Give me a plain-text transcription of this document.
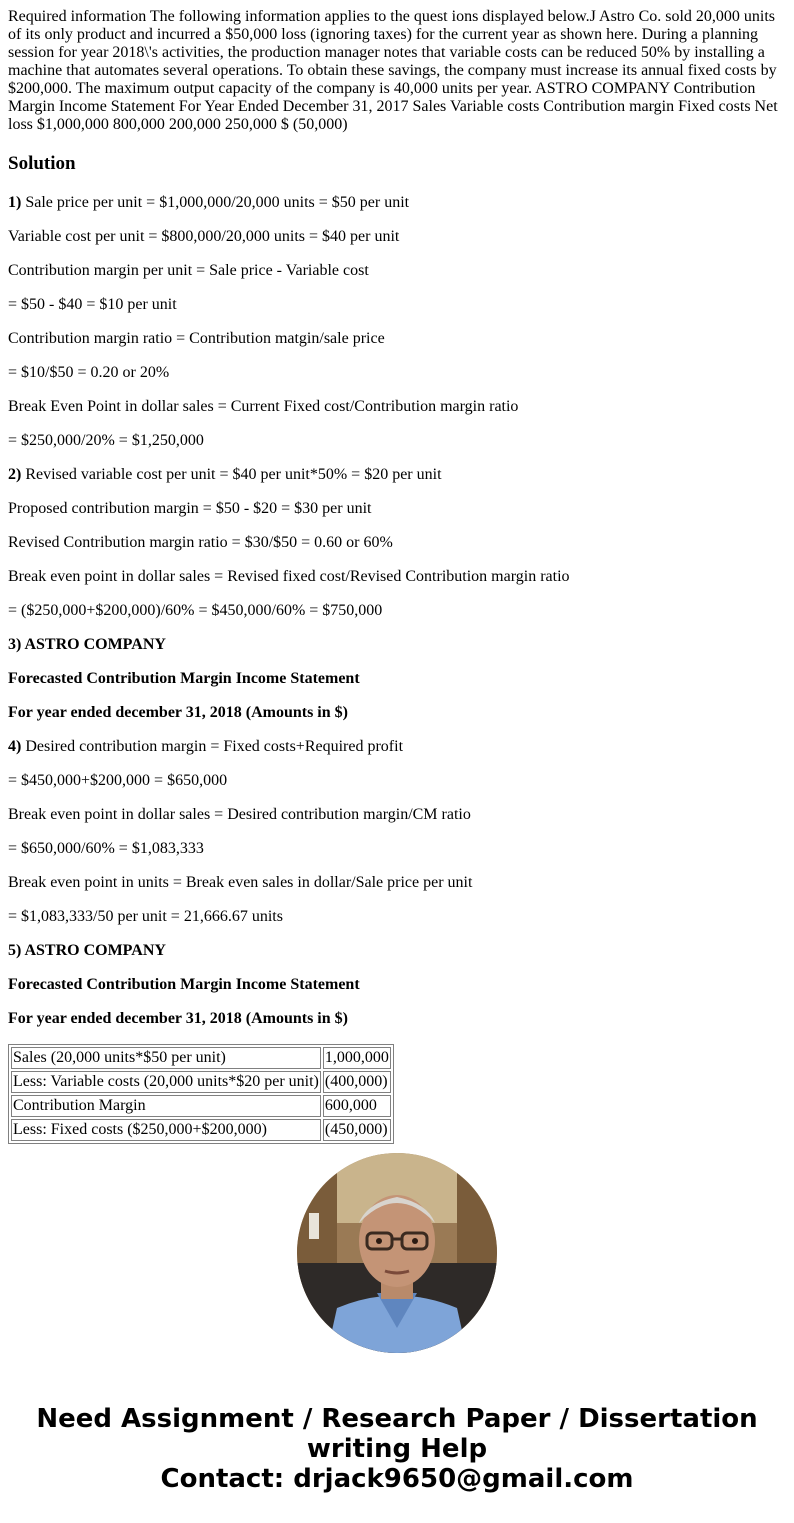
Required information The following information applies to the quest ions displayed below.J Astro Co. sold 20,000 units of its only product and incurred a $50,000 loss (ignoring taxes) for the current year as shown here. During a planning session for year 2018\'s activities, the production manager notes that variable costs can be reduced 50% by installing a machine that automates several operations. To obtain these savings, the company must increase its annual fixed costs by $200,000. The maximum output capacity of the company is 40,000 units per year. ASTRO COMPANY Contribution Margin Income Statement For Year Ended December 31, 2017 Sales Variable costs Contribution margin Fixed costs Net loss $1,000,000 800,000 200,000 250,000 $ (50,000)

Solution

1) Sale price per unit = $1,000,000/20,000 units = $50 per unit

Variable cost per unit = $800,000/20,000 units = $40 per unit

Contribution margin per unit = Sale price - Variable cost

= $50 - $40 = $10 per unit

Contribution margin ratio = Contribution matgin/sale price

= $10/$50 = 0.20 or 20%

Break Even Point in dollar sales = Current Fixed cost/Contribution margin ratio

= $250,000/20% = $1,250,000

2) Revised variable cost per unit = $40 per unit*50% = $20 per unit

Proposed contribution margin = $50 - $20 = $30 per unit

Revised Contribution margin ratio = $30/$50 = 0.60 or 60%

Break even point in dollar sales = Revised fixed cost/Revised Contribution margin ratio

= ($250,000+$200,000)/60% = $450,000/60% = $750,000

3) ASTRO COMPANY

Forecasted Contribution Margin Income Statement

For year ended december 31, 2018 (Amounts in $)

4) Desired contribution margin = Fixed costs+Required profit

= $450,000+$200,000 = $650,000

Break even point in dollar sales = Desired contribution margin/CM ratio

= $650,000/60% = $1,083,333

Break even point in units = Break even sales in dollar/Sale price per unit

= $1,083,333/50 per unit = 21,666.67 units

5) ASTRO COMPANY

Forecasted Contribution Margin Income Statement

For year ended december 31, 2018 (Amounts in $)

Sales (20,000 units*$50 per unit)	1,000,000
Less: Variable costs (20,000 units*$20 per unit)	(400,000)
Contribution Margin	600,000
Less: Fixed costs ($250,000+$200,000)	(450,000)
Need Assignment / Research Paper / Dissertation
writing Help
Contact: drjack9650@gmail.com
